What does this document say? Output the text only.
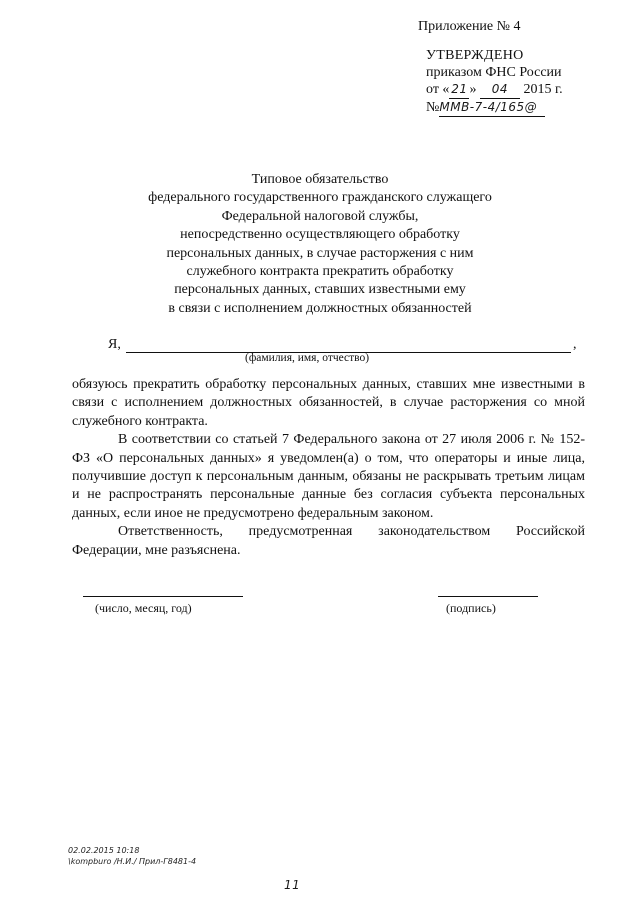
Приложение № 4
УТВЕРЖДЕНО
приказом ФНС России
от « 21 » 04 2015 г.
№ММВ-7-4/165@
Типовое обязательство
федерального государственного гражданского служащего
Федеральной налоговой службы,
непосредственно осуществляющего обработку
персональных данных, в случае расторжения с ним
служебного контракта прекратить обработку
персональных данных, ставших известными ему
в связи с исполнением должностных обязанностей
Я,	,
(фамилия, имя, отчество)

обязуюсь прекратить обработку персональных данных, ставших мне известными в связи с исполнением должностных обязанностей, в случае расторжения со мной служебного контракта.

В соответствии со статьей 7 Федерального закона от 27 июля 2006 г. № 152-ФЗ «О персональных данных» я уведомлен(а) о том, что операторы и иные лица, получившие доступ к персональным данным, обязаны не раскрывать третьим лицам и не распространять персональные данные без согласия субъекта персональных данных, если иное не предусмотрено федеральным законом.

Ответственность, предусмотренная законодательством Российской Федерации, мне разъяснена.

(число, месяц, год)	(подпись)
02.02.2015 10:18
\kompburo /Н.И./ Прил-Г8481-4
11
